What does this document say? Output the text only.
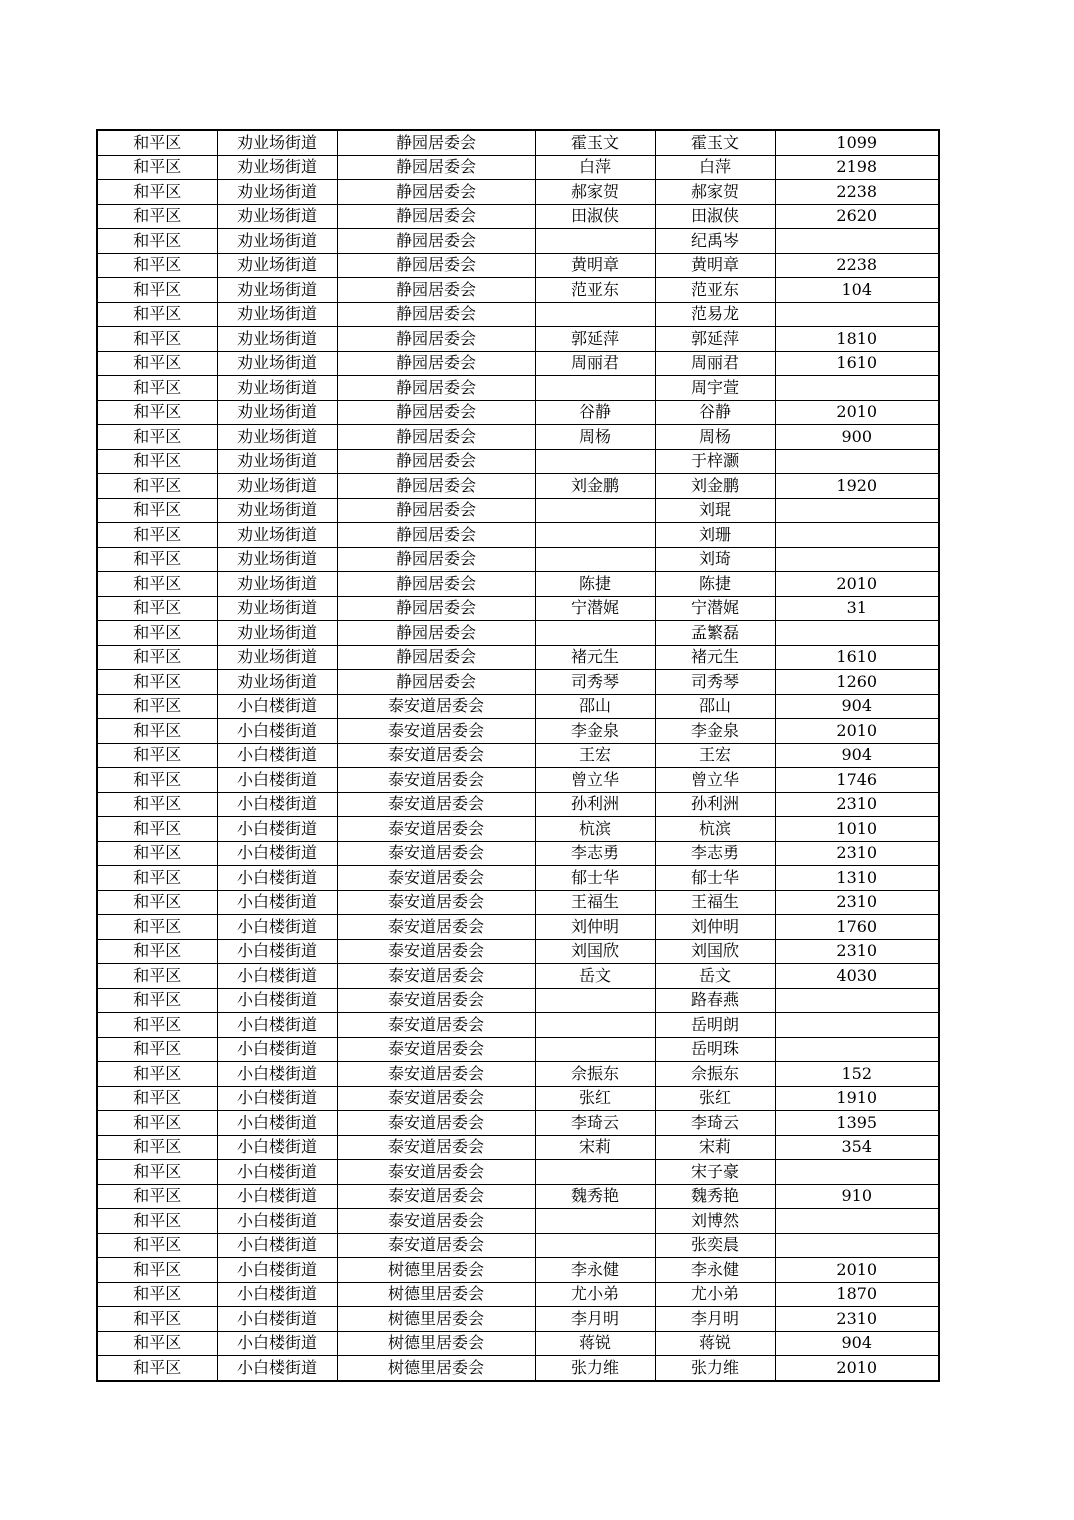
和平区	劝业场街道	静园居委会	霍玉文	霍玉文	1099
和平区	劝业场街道	静园居委会	白萍	白萍	2198
和平区	劝业场街道	静园居委会	郝家贺	郝家贺	2238
和平区	劝业场街道	静园居委会	田淑侠	田淑侠	2620
和平区	劝业场街道	静园居委会		纪禹岑	
和平区	劝业场街道	静园居委会	黄明章	黄明章	2238
和平区	劝业场街道	静园居委会	范亚东	范亚东	104
和平区	劝业场街道	静园居委会		范易龙	
和平区	劝业场街道	静园居委会	郭延萍	郭延萍	1810
和平区	劝业场街道	静园居委会	周丽君	周丽君	1610
和平区	劝业场街道	静园居委会		周宇萱	
和平区	劝业场街道	静园居委会	谷静	谷静	2010
和平区	劝业场街道	静园居委会	周杨	周杨	900
和平区	劝业场街道	静园居委会		于梓灏	
和平区	劝业场街道	静园居委会	刘金鹏	刘金鹏	1920
和平区	劝业场街道	静园居委会		刘琨	
和平区	劝业场街道	静园居委会		刘珊	
和平区	劝业场街道	静园居委会		刘琦	
和平区	劝业场街道	静园居委会	陈捷	陈捷	2010
和平区	劝业场街道	静园居委会	宁潜娓	宁潜娓	31
和平区	劝业场街道	静园居委会		孟繁磊	
和平区	劝业场街道	静园居委会	褚元生	褚元生	1610
和平区	劝业场街道	静园居委会	司秀琴	司秀琴	1260
和平区	小白楼街道	泰安道居委会	邵山	邵山	904
和平区	小白楼街道	泰安道居委会	李金泉	李金泉	2010
和平区	小白楼街道	泰安道居委会	王宏	王宏	904
和平区	小白楼街道	泰安道居委会	曾立华	曾立华	1746
和平区	小白楼街道	泰安道居委会	孙利洲	孙利洲	2310
和平区	小白楼街道	泰安道居委会	杭滨	杭滨	1010
和平区	小白楼街道	泰安道居委会	李志勇	李志勇	2310
和平区	小白楼街道	泰安道居委会	郁士华	郁士华	1310
和平区	小白楼街道	泰安道居委会	王福生	王福生	2310
和平区	小白楼街道	泰安道居委会	刘仲明	刘仲明	1760
和平区	小白楼街道	泰安道居委会	刘国欣	刘国欣	2310
和平区	小白楼街道	泰安道居委会	岳文	岳文	4030
和平区	小白楼街道	泰安道居委会		路春燕	
和平区	小白楼街道	泰安道居委会		岳明朗	
和平区	小白楼街道	泰安道居委会		岳明珠	
和平区	小白楼街道	泰安道居委会	佘振东	佘振东	152
和平区	小白楼街道	泰安道居委会	张红	张红	1910
和平区	小白楼街道	泰安道居委会	李琦云	李琦云	1395
和平区	小白楼街道	泰安道居委会	宋莉	宋莉	354
和平区	小白楼街道	泰安道居委会		宋子豪	
和平区	小白楼街道	泰安道居委会	魏秀艳	魏秀艳	910
和平区	小白楼街道	泰安道居委会		刘博然	
和平区	小白楼街道	泰安道居委会		张奕晨	
和平区	小白楼街道	树德里居委会	李永健	李永健	2010
和平区	小白楼街道	树德里居委会	尤小弟	尤小弟	1870
和平区	小白楼街道	树德里居委会	李月明	李月明	2310
和平区	小白楼街道	树德里居委会	蒋锐	蒋锐	904
和平区	小白楼街道	树德里居委会	张力维	张力维	2010
